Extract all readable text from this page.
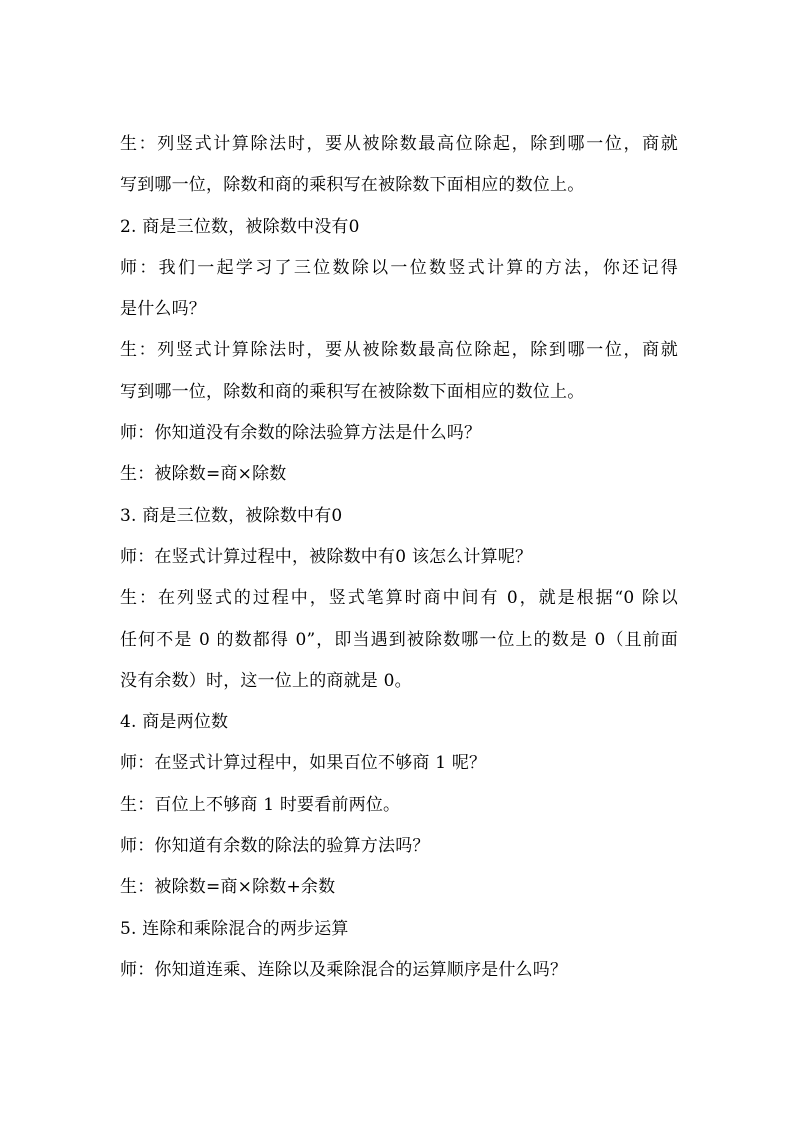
生：列竖式计算除法时，要从被除数最高位除起，除到哪一位，商就

写到哪一位，除数和商的乘积写在被除数下面相应的数位上。

2. 商是三位数，被除数中没有0

师：我们一起学习了三位数除以一位数竖式计算的方法，你还记得

是什么吗？

生：列竖式计算除法时，要从被除数最高位除起，除到哪一位，商就

写到哪一位，除数和商的乘积写在被除数下面相应的数位上。

师：你知道没有余数的除法验算方法是什么吗？

生：被除数=商×除数

3. 商是三位数，被除数中有0

师：在竖式计算过程中，被除数中有0 该怎么计算呢？

生：在列竖式的过程中，竖式笔算时商中间有 0，就是根据“0 除以

任何不是 0 的数都得 0”，即当遇到被除数哪一位上的数是 0（且前面

没有余数）时，这一位上的商就是 0。

4. 商是两位数

师：在竖式计算过程中，如果百位不够商 1 呢？

生：百位上不够商 1 时要看前两位。

师：你知道有余数的除法的验算方法吗？

生：被除数=商×除数+余数

5. 连除和乘除混合的两步运算

师：你知道连乘、连除以及乘除混合的运算顺序是什么吗？
